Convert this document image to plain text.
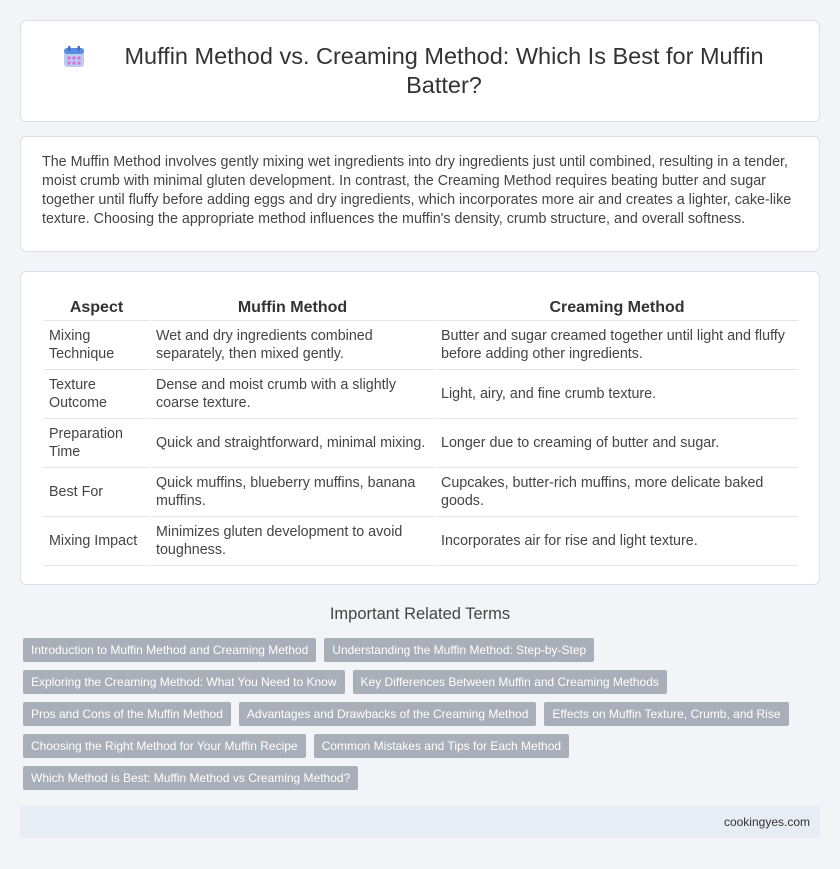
Muffin Method vs. Creaming Method: Which Is Best for Muffin Batter?

The Muffin Method involves gently mixing wet ingredients into dry ingredients just until combined, resulting in a tender, moist crumb with minimal gluten development. In contrast, the Creaming Method requires beating butter and sugar together until fluffy before adding eggs and dry ingredients, which incorporates more air and creates a lighter, cake-like texture. Choosing the appropriate method influences the muffin's density, crumb structure, and overall softness.

Aspect	Muffin Method	Creaming Method
Mixing Technique	Wet and dry ingredients combined separately, then mixed gently.	Butter and sugar creamed together until light and fluffy before adding other ingredients.
Texture Outcome	Dense and moist crumb with a slightly coarse texture.	Light, airy, and fine crumb texture.
Preparation Time	Quick and straightforward, minimal mixing.	Longer due to creaming of butter and sugar.
Best For	Quick muffins, blueberry muffins, banana muffins.	Cupcakes, butter-rich muffins, more delicate baked goods.
Mixing Impact	Minimizes gluten development to avoid toughness.	Incorporates air for rise and light texture.
Important Related Terms
Introduction to Muffin Method and Creaming Method	Understanding the Muffin Method: Step-by-Step
Exploring the Creaming Method: What You Need to Know	Key Differences Between Muffin and Creaming Methods
Pros and Cons of the Muffin Method	Advantages and Drawbacks of the Creaming Method	Effects on Muffin Texture, Crumb, and Rise
Choosing the Right Method for Your Muffin Recipe	Common Mistakes and Tips for Each Method
Which Method is Best: Muffin Method vs Creaming Method?
cookingyes.com
